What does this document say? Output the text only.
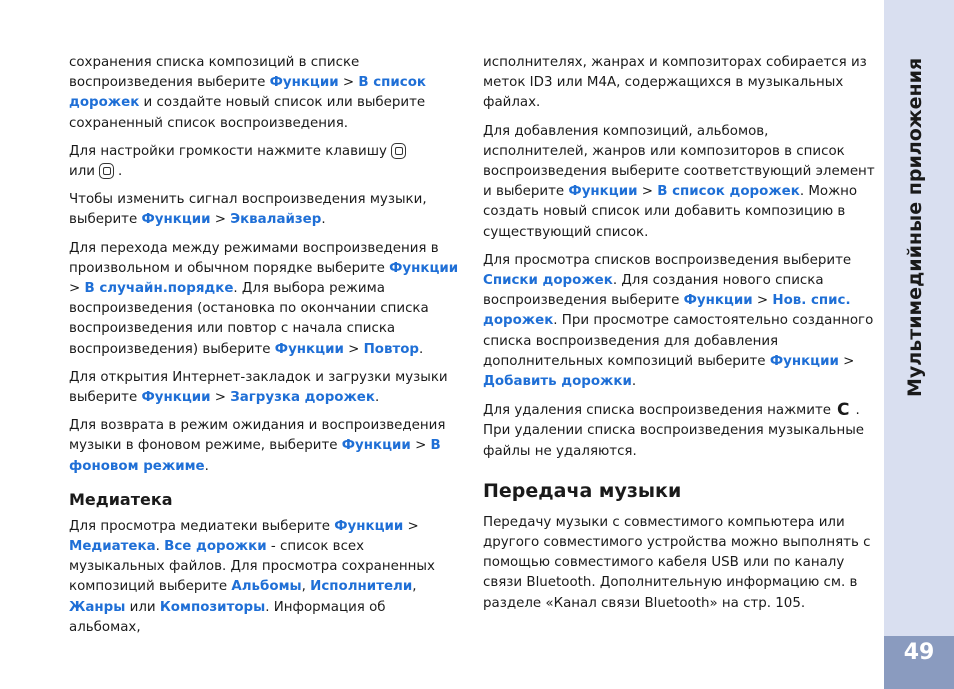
Мультимедийные приложения
49

сохранения списка композиций в списке воспроизведения выберите Функции > В список дорожек и создайте новый список или выберите сохраненный список воспроизведения.

Для настройки громкости нажмите клавишу
или .

Чтобы изменить сигнал воспроизведения музыки, выберите Функции > Эквалайзер.

Для перехода между режимами воспроизведения в произвольном и обычном порядке выберите Функции > В случайн.порядке. Для выбора режима воспроизведения (остановка по окончании списка воспроизведения или повтор с начала списка воспроизведения) выберите Функции > Повтор.

Для открытия Интернет-закладок и загрузки музыки выберите Функции > Загрузка дорожек.

Для возврата в режим ожидания и воспроизведения музыки в фоновом режиме, выберите Функции > В фоновом режиме.

Медиатека

Для просмотра медиатеки выберите Функции > Медиатека. Все дорожки - список всех музыкальных файлов. Для просмотра сохраненных композиций выберите Альбомы, Исполнители, Жанры или Композиторы. Информация об альбомах,

исполнителях, жанрах и композиторах собирается из меток ID3 или M4A, содержащихся в музыкальных файлах.

Для добавления композиций, альбомов, исполнителей, жанров или композиторов в список воспроизведения выберите соответствующий элемент и выберите Функции > В список дорожек. Можно создать новый список или добавить композицию в существующий список.

Для просмотра списков воспроизведения выберите Списки дорожек. Для создания нового списка воспроизведения выберите Функции > Нов. спис. дорожек. При просмотре самостоятельно созданного списка воспроизведения для добавления дополнительных композиций выберите Функции > Добавить дорожки.

Для удаления списка воспроизведения нажмите C . При удалении списка воспроизведения музыкальные файлы не удаляются.

Передача музыки

Передачу музыки с совместимого компьютера или другого совместимого устройства можно выполнять с помощью совместимого кабеля USB или по каналу связи Bluetooth. Дополнительную информацию см. в разделе «Канал связи Bluetooth» на стр. 105.
